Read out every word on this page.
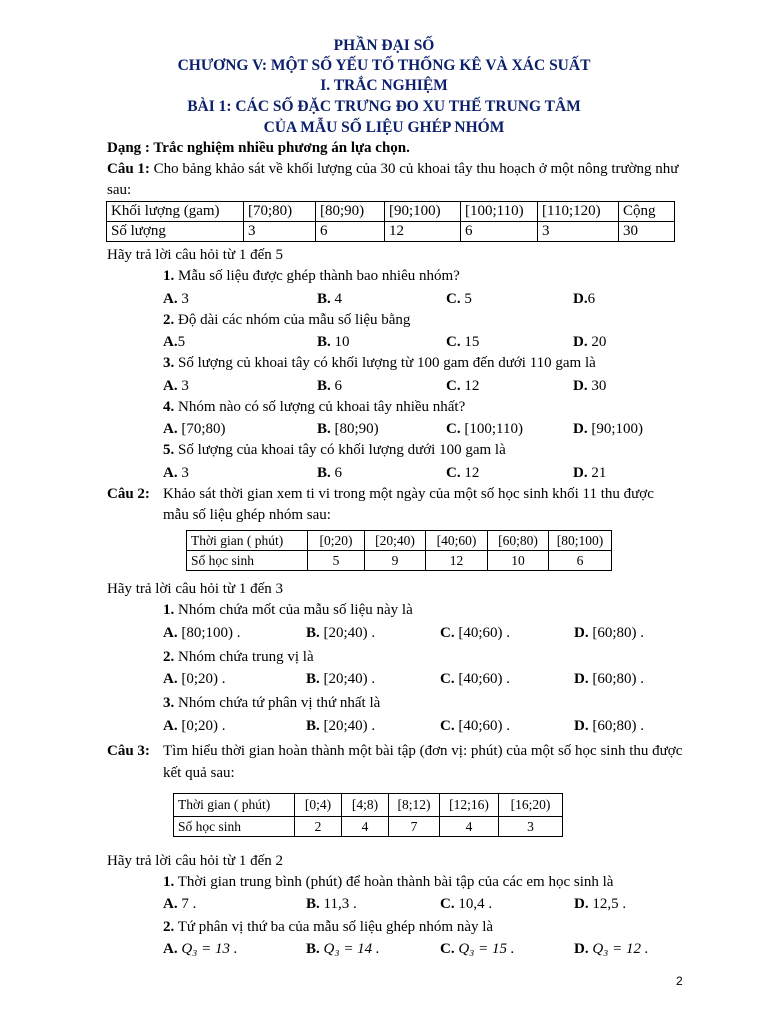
PHẦN ĐẠI SỐ
CHƯƠNG V: MỘT SỐ YẾU TỐ THỐNG KÊ VÀ XÁC SUẤT
I. TRẮC NGHIỆM
BÀI 1: CÁC SỐ ĐẶC TRƯNG ĐO XU THẾ TRUNG TÂM
CỦA MẪU SỐ LIỆU GHÉP NHÓM
Dạng : Trắc nghiệm nhiều phương án lựa chọn.
Câu 1: Cho bảng khảo sát về khối lượng của 30 củ khoai tây thu hoạch ở một nông trường như
sau:
Khối lượng (gam)	[70;80)	[80;90)	[90;100)	[100;110)	[110;120)	Cộng
Số lượng	3	6	12	6	3	30
Hãy trả lời câu hỏi từ 1 đến 5
1. Mẫu số liệu được ghép thành bao nhiêu nhóm?
A. 3	B. 4	C. 5	D.6
2. Độ dài các nhóm của mẫu số liệu bằng
A.5	B. 10	C. 15	D. 20
3. Số lượng củ khoai tây có khối lượng từ 100 gam đến dưới 110 gam là
A. 3	B. 6	C. 12	D. 30
4. Nhóm nào có số lượng củ khoai tây nhiều nhất?
A. [70;80)	B. [80;90)	C. [100;110)	D. [90;100)
5. Số lượng của khoai tây có khối lượng dưới 100 gam là
A. 3	B. 6	C. 12	D. 21
Câu 2: Khảo sát thời gian xem ti vi trong một ngày của một số học sinh khối 11 thu được
mẫu số liệu ghép nhóm sau:
Thời gian ( phút)	[0;20)	[20;40)	[40;60)	[60;80)	[80;100)
Số học sinh	5	9	12	10	6
Hãy trả lời câu hỏi từ 1 đến 3
1. Nhóm chứa mốt của mẫu số liệu này là
A. [80;100) .	B. [20;40) .	C. [40;60) .	D. [60;80) .
2. Nhóm chứa trung vị là
A. [0;20) .	B. [20;40) .	C. [40;60) .	D. [60;80) .
3. Nhóm chứa tứ phân vị thứ nhất là
A. [0;20) .	B. [20;40) .	C. [40;60) .	D. [60;80) .
Câu 3: Tìm hiểu thời gian hoàn thành một bài tập (đơn vị: phút) của một số học sinh thu được
kết quả sau:
Thời gian ( phút)	[0;4)	[4;8)	[8;12)	[12;16)	[16;20)
Số học sinh	2	4	7	4	3
Hãy trả lời câu hỏi từ 1 đến 2
1. Thời gian trung bình (phút) để hoàn thành bài tập của các em học sinh là
A. 7 .	B. 11,3 .	C. 10,4 .	D. 12,5 .
2. Tứ phân vị thứ ba của mẫu số liệu ghép nhóm này là
A. Q₃ = 13 .	B. Q₃ = 14 .	C. Q₃ = 15 .	D. Q₃ = 12 .
2
